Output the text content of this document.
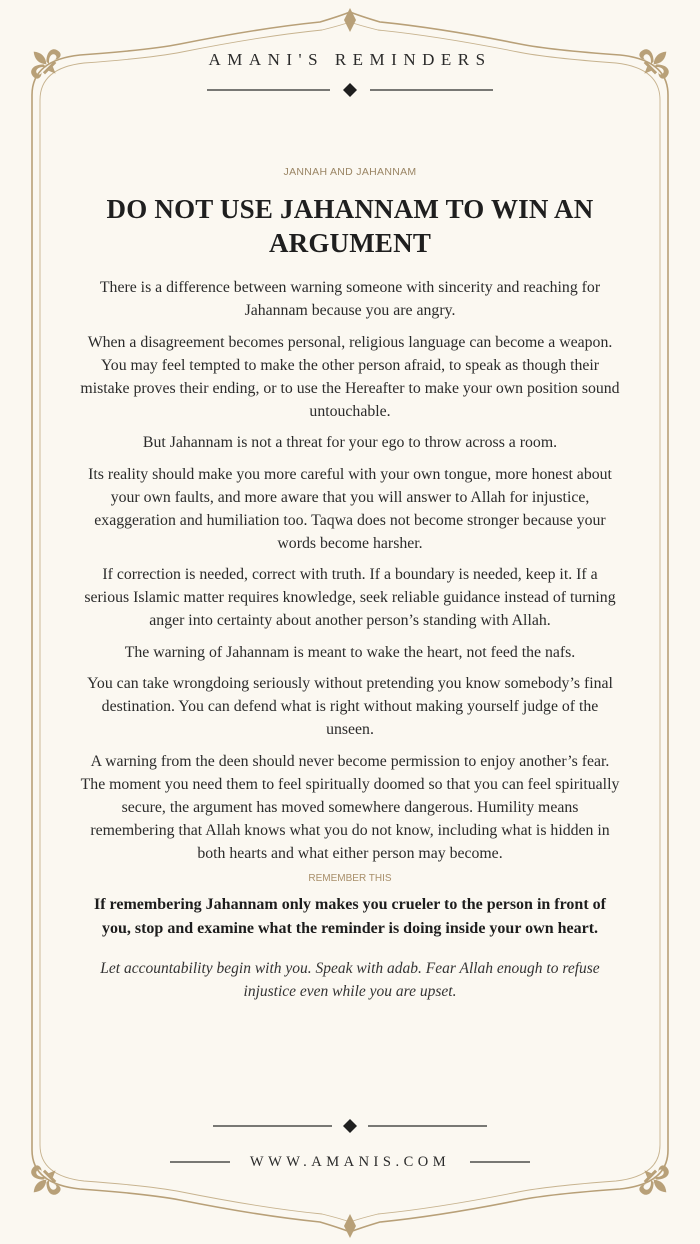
AMANI'S REMINDERS
JANNAH AND JAHANNAM
DO NOT USE JAHANNAM TO WIN AN ARGUMENT

There is a difference between warning someone with sincerity and reaching for Jahannam because you are angry.

When a disagreement becomes personal, religious language can become a weapon. You may feel tempted to make the other person afraid, to speak as though their mistake proves their ending, or to use the Hereafter to make your own position sound untouchable.

But Jahannam is not a threat for your ego to throw across a room.

Its reality should make you more careful with your own tongue, more honest about your own faults, and more aware that you will answer to Allah for injustice, exaggeration and humiliation too. Taqwa does not become stronger because your words become harsher.

If correction is needed, correct with truth. If a boundary is needed, keep it. If a serious Islamic matter requires knowledge, seek reliable guidance instead of turning anger into certainty about another person’s standing with Allah.

The warning of Jahannam is meant to wake the heart, not feed the nafs.

You can take wrongdoing seriously without pretending you know somebody’s final destination. You can defend what is right without making yourself judge of the unseen.

A warning from the deen should never become permission to enjoy another’s fear. The moment you need them to feel spiritually doomed so that you can feel spiritually secure, the argument has moved somewhere dangerous. Humility means remembering that Allah knows what you do not know, including what is hidden in both hearts and what either person may become.

REMEMBER THIS

If remembering Jahannam only makes you crueler to the person in front of you, stop and examine what the reminder is doing inside your own heart.

Let accountability begin with you. Speak with adab. Fear Allah enough to refuse injustice even while you are upset.

WWW.AMANIS.COM
